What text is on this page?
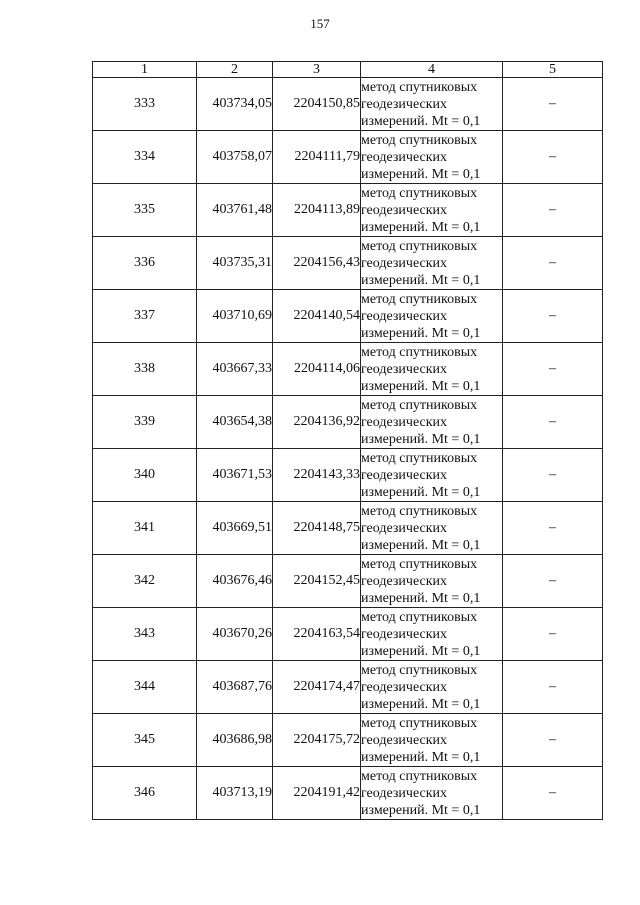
157
1	2	3	4	5
333	403734,05	2204150,85	метод спутниковых
геодезических
измерений. Mt = 0,1	–
334	403758,07	2204111,79	метод спутниковых
геодезических
измерений. Mt = 0,1	–
335	403761,48	2204113,89	метод спутниковых
геодезических
измерений. Mt = 0,1	–
336	403735,31	2204156,43	метод спутниковых
геодезических
измерений. Mt = 0,1	–
337	403710,69	2204140,54	метод спутниковых
геодезических
измерений. Mt = 0,1	–
338	403667,33	2204114,06	метод спутниковых
геодезических
измерений. Mt = 0,1	–
339	403654,38	2204136,92	метод спутниковых
геодезических
измерений. Mt = 0,1	–
340	403671,53	2204143,33	метод спутниковых
геодезических
измерений. Mt = 0,1	–
341	403669,51	2204148,75	метод спутниковых
геодезических
измерений. Mt = 0,1	–
342	403676,46	2204152,45	метод спутниковых
геодезических
измерений. Mt = 0,1	–
343	403670,26	2204163,54	метод спутниковых
геодезических
измерений. Mt = 0,1	–
344	403687,76	2204174,47	метод спутниковых
геодезических
измерений. Mt = 0,1	–
345	403686,98	2204175,72	метод спутниковых
геодезических
измерений. Mt = 0,1	–
346	403713,19	2204191,42	метод спутниковых
геодезических
измерений. Mt = 0,1	–
